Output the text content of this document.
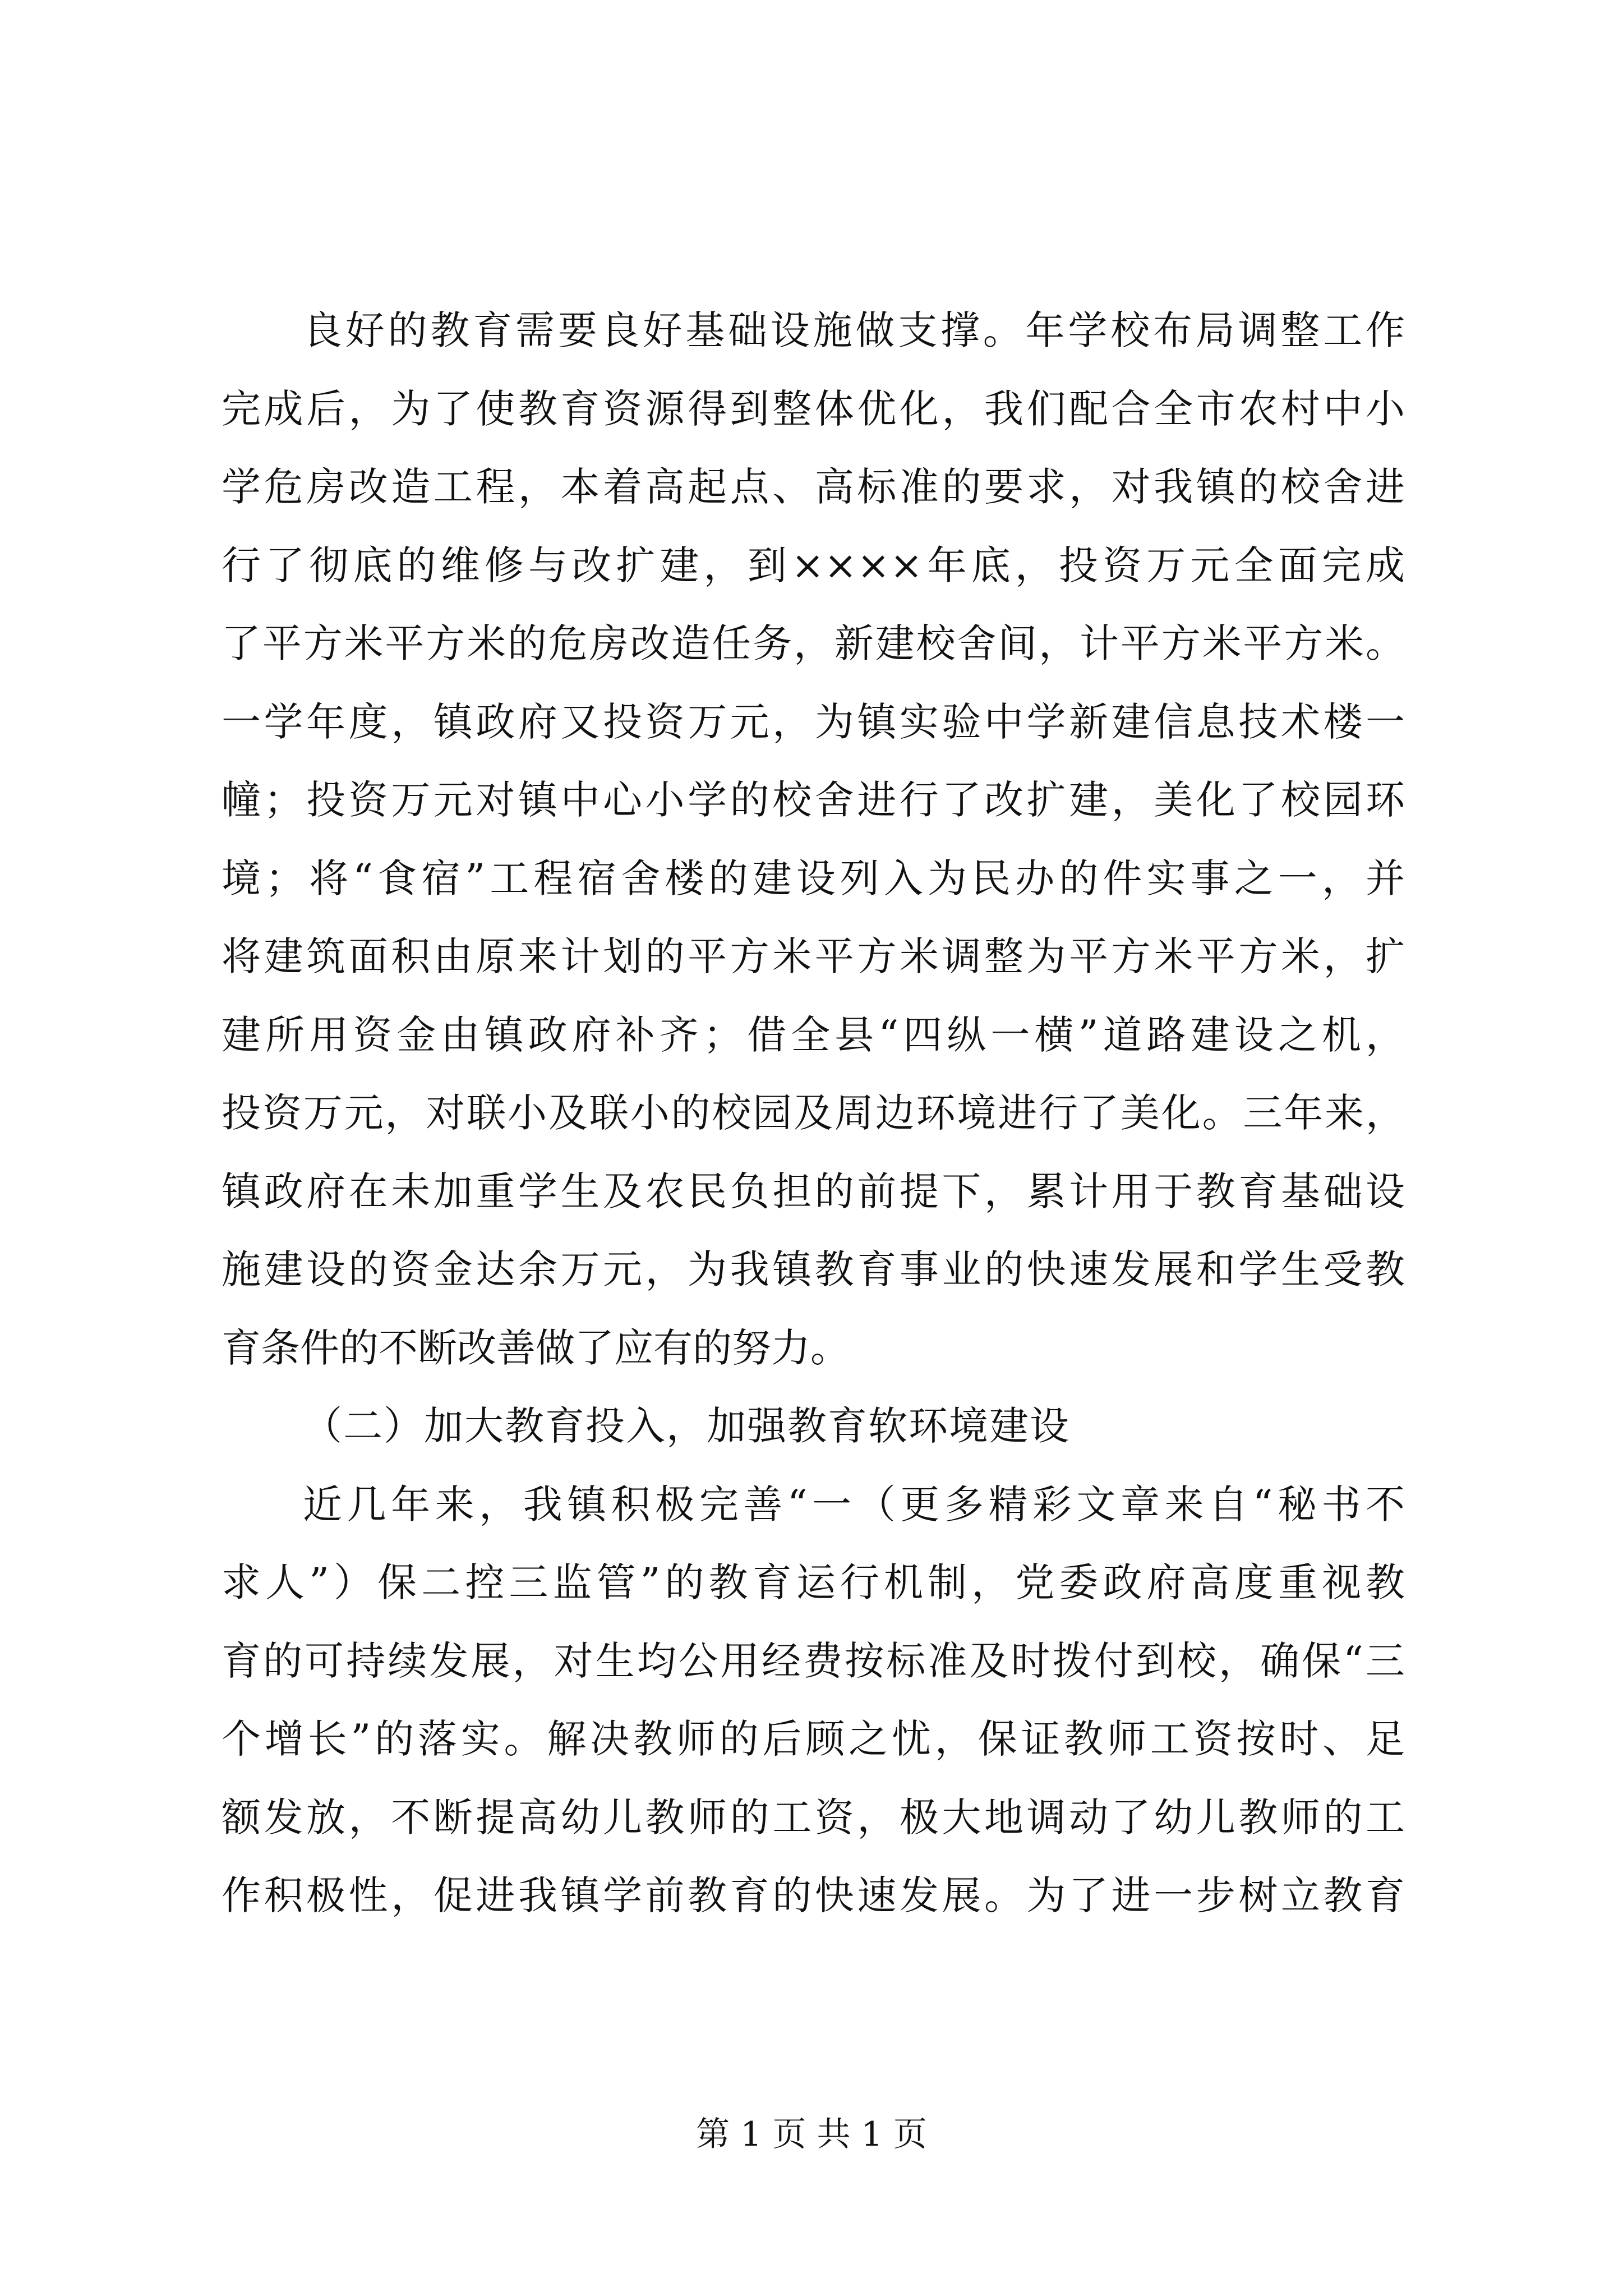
良好的教育需要良好基础设施做支撑。年学校布局调整工作
完成后，为了使教育资源得到整体优化，我们配合全市农村中小
学危房改造工程，本着高起点、高标准的要求，对我镇的校舍进
行了彻底的维修与改扩建，到××××年底，投资万元全面完成
了平方米平方米的危房改造任务，新建校舍间，计平方米平方米。
一学年度，镇政府又投资万元，为镇实验中学新建信息技术楼一
幢；投资万元对镇中心小学的校舍进行了改扩建，美化了校园环
境；将“食宿”工程宿舍楼的建设列入为民办的件实事之一，并
将建筑面积由原来计划的平方米平方米调整为平方米平方米，扩
建所用资金由镇政府补齐；借全县“四纵一横”道路建设之机，
投资万元，对联小及联小的校园及周边环境进行了美化。三年来，
镇政府在未加重学生及农民负担的前提下，累计用于教育基础设
施建设的资金达余万元，为我镇教育事业的快速发展和学生受教
育条件的不断改善做了应有的努力。
（二）加大教育投入，加强教育软环境建设
近几年来，我镇积极完善“一（更多精彩文章来自“秘书不
求人”）保二控三监管”的教育运行机制，党委政府高度重视教
育的可持续发展，对生均公用经费按标准及时拨付到校，确保“三
个增长”的落实。解决教师的后顾之忧，保证教师工资按时、足
额发放，不断提高幼儿教师的工资，极大地调动了幼儿教师的工
作积极性，促进我镇学前教育的快速发展。为了进一步树立教育
第 1 页 共 1 页
